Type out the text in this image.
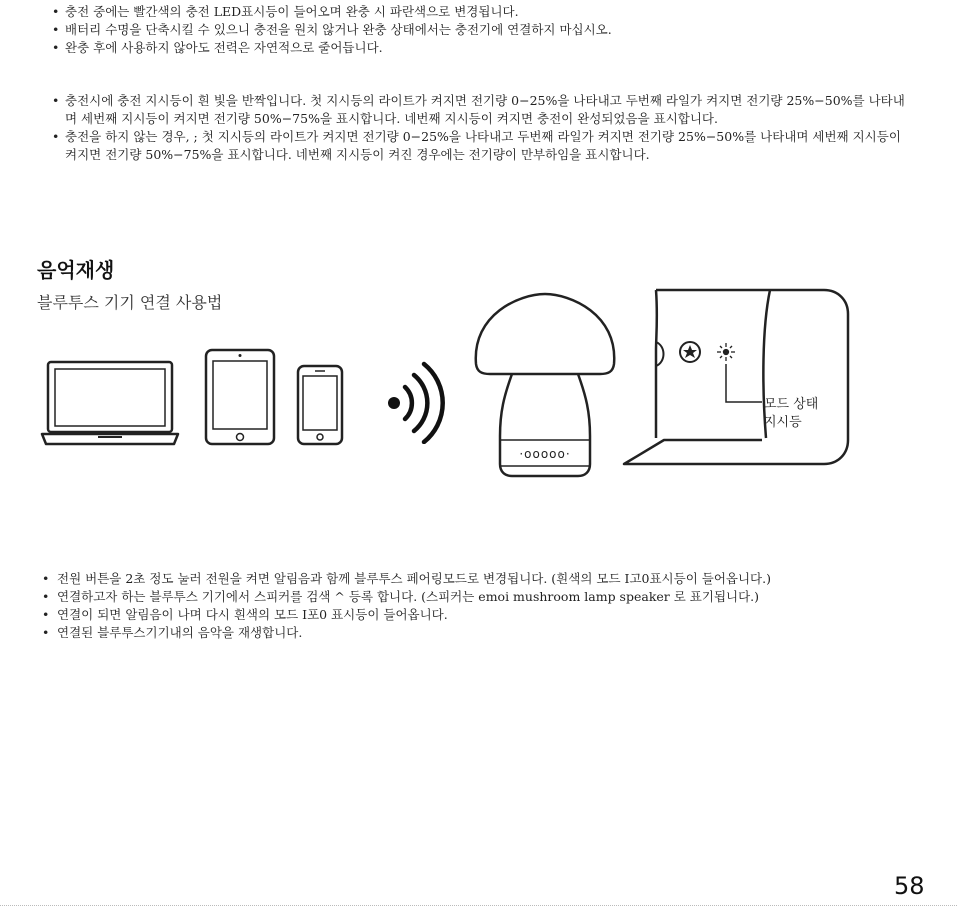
• 충전 중에는 빨간색의 충전 LED표시등이 들어오며 완충 시 파란색으로 변경됩니다.
• 배터리 수명을 단축시킬 수 있으니 충전을 원치 않거나 완충 상태에서는 충전기에 연결하지 마십시오.
• 완충 후에 사용하지 않아도 전력은 자연적으로 줄어듭니다.
• 충전시에 충전 지시등이 흰 빛을 반짝입니다. 첫 지시등의 라이트가 켜지면 전기량 0−25%을 나타내고 두번째 라일가 켜지면 전기량 25%−50%를 나타내며 세번째 지시등이 켜지면 전기량 50%−75%을 표시합니다. 네번째 지시등이 켜지면 충전이 완성되었음을 표시합니다.
• 충전을 하지 않는 경우, ; 첫 지시등의 라이트가 켜지면 전기량 0−25%을 나타내고 두번째 라일가 켜지면 전기량 25%−50%를 나타내며 세번째 지시등이 켜지면 전기량 50%−75%을 표시합니다. 네번째 지시등이 켜진 경우에는 전기량이 만부하임을 표시합니다.
음억재생
블루투스 기기 연결 사용법
·ooooo·
모드 상태
지시등
• 전원 버튼을 2초 정도 눌러 전원을 켜면 알림음과 함께 블루투스 페어링모드로 변경됩니다. (흰색의 모드 I고0표시등이 들어옵니다.)
• 연결하고자 하는 블루투스 기기에서 스피커를 검색 ^ 등록 합니다. (스피커는 emoi mushroom lamp speaker 로 표기됩니다.)
• 연결이 되면 알림음이 나며 다시 흰색의 모드 I포0 표시등이 들어옵니다.
• 연결된 블루투스기기내의 음악을 재생합니다.
58
